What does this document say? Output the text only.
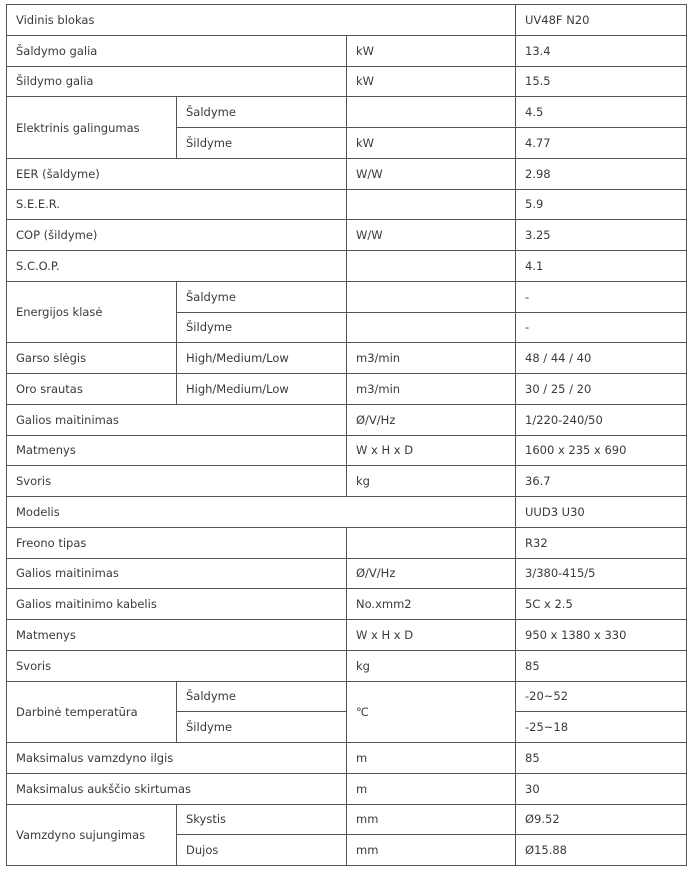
Vidinis blokas			UV48F N20
Šaldymo galia		kW	13.4
Šildymo galia		kW	15.5
Elektrinis galingumas	Šaldyme		4.5
	Šildyme	kW	4.77
EER (šaldyme)		W/W	2.98
S.E.E.R.			5.9
COP (šildyme)		W/W	3.25
S.C.O.P.			4.1
Energijos klasė	Šaldyme		-
	Šildyme		-
Garso slėgis	High/Medium/Low	m3/min	48 / 44 / 40
Oro srautas	High/Medium/Low	m3/min	30 / 25 / 20
Galios maitinimas		Ø/V/Hz	1/220-240/50
Matmenys		W x H x D	1600 x 235 x 690
Svoris		kg	36.7
Modelis			UUD3 U30
Freono tipas			R32
Galios maitinimas		Ø/V/Hz	3/380-415/5
Galios maitinimo kabelis		No.xmm2	5C x 2.5
Matmenys		W x H x D	950 x 1380 x 330
Svoris		kg	85
Darbinė temperatūra	Šaldyme	℃	-20~52
	Šildyme		-25~18
Maksimalus vamzdyno ilgis		m	85
Maksimalus aukščio skirtumas		m	30
Vamzdyno sujungimas	Skystis	mm	Ø9.52
	Dujos	mm	Ø15.88
